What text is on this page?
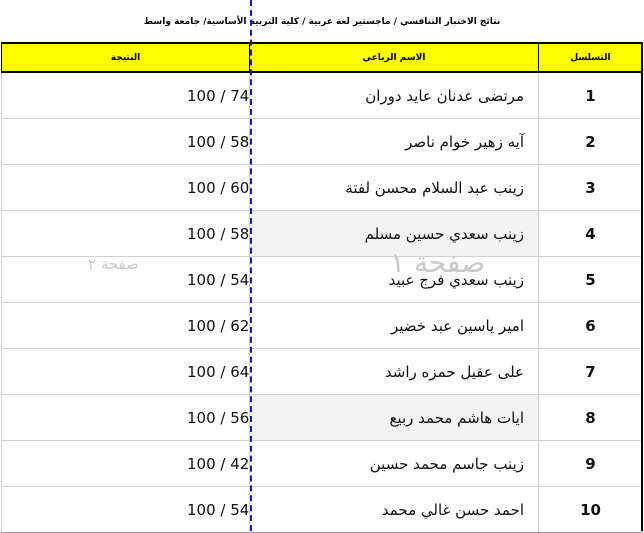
نتائج الاختبار التنافسي / ماجستير لغة عربية / كلية التربية الأساسية/ جامعة واسط
التسلسل	الاسم الرباعي	النتيجة
1	مرتضى عدنان عايد دوران	100 / 74
2	آيه زهير خوام ناصر	100 / 58
3	زينب عبد السلام محسن لفتة	100 / 60
4	زينب سعدي حسين مسلم	100 / 58
5	زينب سعدي فرج عبيد	100 / 54
6	امير ياسين عبد خضير	100 / 62
7	على عقيل حمزه راشد	100 / 64
8	ايات هاشم محمد ربيع	100 / 56
9	زينب جاسم محمد حسين	100 / 42
10	احمد حسن غالي محمد	100 / 54
صفحة ١
صفحة ٢
